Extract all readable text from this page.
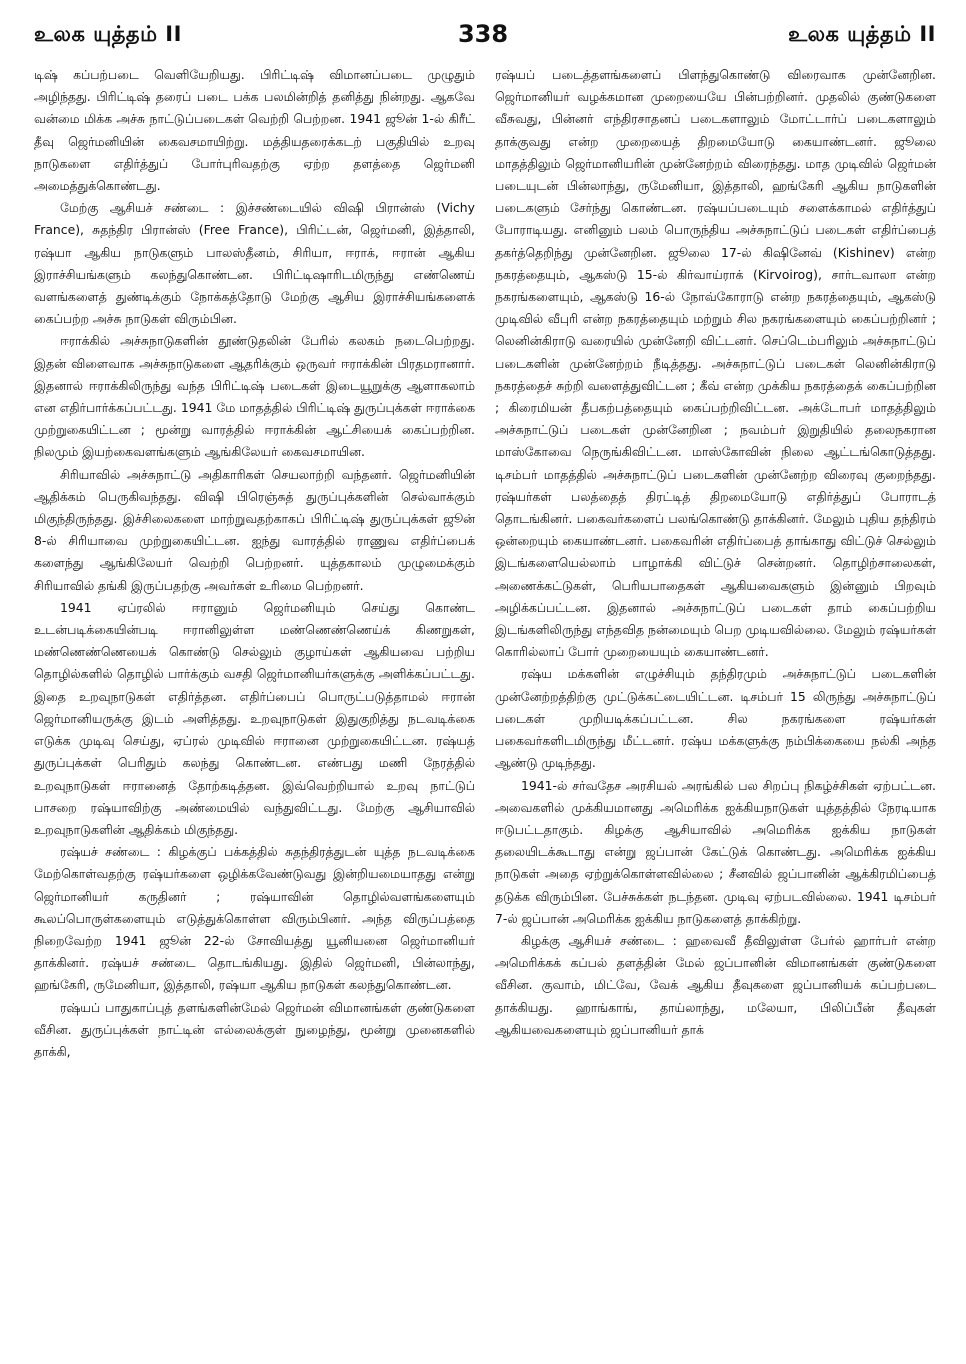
உலக யுத்தம் II	338	உலக யுத்தம் II

டிஷ் கப்பற்படை வெளியேறியது. பிரிட்டிஷ் விமானப்படை முழுதும் அழிந்தது. பிரிட்டிஷ் தரைப் படை பக்க பலமின்றித் தனித்து நின்றது. ஆகவே வன்மை மிக்க அச்சு நாட்டுப்படைகள் வெற்றி பெற்றன. 1941 ஜூன் 1-ல் கிரீட் தீவு ஜெர்மனியின் கைவசமாயிற்று. மத்தியதரைக்கடற் பகுதியில் உறவு நாடுகளை எதிர்த்துப் போர்புரிவதற்கு ஏற்ற தளத்தை ஜெர்மனி அமைத்துக்கொண்டது.

மேற்கு ஆசியச் சண்டை : இச்சண்டையில் விஷி பிரான்ஸ் (Vichy France), சுதந்திர பிரான்ஸ் (Free France), பிரிட்டன், ஜெர்மனி, இத்தாலி, ரஷ்யா ஆகிய நாடுகளும் பாலஸ்தீனம், சிரியா, ஈராக், ஈரான் ஆகிய இராச்சியங்களும் கலந்துகொண்டன. பிரிட்டிஷாரிடமிருந்து எண்ணெய் வளங்களைத் துண்டிக்கும் நோக்கத்தோடு மேற்கு ஆசிய இராச்சியங்களைக் கைப்பற்ற அச்சு நாடுகள் விரும்பின.

ஈராக்கில் அச்சுநாடுகளின் தூண்டுதலின் பேரில் கலகம் நடைபெற்றது. இதன் விளைவாக அச்சுநாடுகளை ஆதரிக்கும் ஒருவர் ஈராக்கின் பிரதமரானார். இதனால் ஈராக்கிலிருந்து வந்த பிரிட்டிஷ் படைகள் இடையூறுக்கு ஆளாகலாம் என எதிர்பார்க்கப்பட்டது. 1941 மே மாதத்தில் பிரிட்டிஷ் துருப்புக்கள் ஈராக்கை முற்றுகையிட்டன ; மூன்று வாரத்தில் ஈராக்கின் ஆட்சியைக் கைப்பற்றின. நிலமும் இயற்கைவளங்களும் ஆங்கிலேயர் கைவசமாயின.

சிரியாவில் அச்சுநாட்டு அதிகாரிகள் செயலாற்றி வந்தனர். ஜெர்மனியின் ஆதிக்கம் பெருகிவந்தது. விஷி பிரெஞ்சுத் துருப்புக்களின் செல்வாக்கும் மிகுந்திருந்தது. இச்சிலைகளை மாற்றுவதற்காகப் பிரிட்டிஷ் துருப்புக்கள் ஜூன் 8-ல் சிரியாவை முற்றுகையிட்டன. ஐந்து வாரத்தில் ராணுவ எதிர்ப்பைக் களைந்து ஆங்கிலேயர் வெற்றி பெற்றனர். யுத்தகாலம் முழுமைக்கும் சிரியாவில் தங்கி இருப்பதற்கு அவர்கள் உரிமை பெற்றனர்.

1941 ஏப்ரலில் ஈரானும் ஜெர்மனியும் செய்து கொண்ட உடன்படிக்கையின்படி ஈரானிலுள்ள மண்ணெண்ணெய்க் கிணறுகள், மண்ணெண்ணெயைக் கொண்டு செல்லும் குழாய்கள் ஆகியவை பற்றிய தொழில்களில் தொழில் பார்க்கும் வசதி ஜெர்மானியர்களுக்கு அளிக்கப்பட்டது. இதை உறவுநாடுகள் எதிர்த்தன. எதிர்ப்பைப் பொருட்படுத்தாமல் ஈரான் ஜெர்மானியருக்கு இடம் அளித்தது. உறவுநாடுகள் இதுகுறித்து நடவடிக்கை எடுக்க முடிவு செய்து, ஏப்ரல் முடிவில் ஈரானை முற்றுகையிட்டன. ரஷ்யத் துருப்புக்கள் பெரிதும் கலந்து கொண்டன. எண்பது மணி நேரத்தில் உறவுநாடுகள் ஈரானைத் தோற்கடித்தன. இவ்வெற்றியால் உறவு நாட்டுப் பாசறை ரஷ்யாவிற்கு அண்மையில் வந்துவிட்டது. மேற்கு ஆசியாவில் உறவுநாடுகளின் ஆதிக்கம் மிகுந்தது.

ரஷ்யச் சண்டை : கிழக்குப் பக்கத்தில் சுதந்திரத்துடன் யுத்த நடவடிக்கை மேற்கொள்வதற்கு ரஷ்யர்களை ஒழிக்கவேண்டுவது இன்றியமையாதது என்று ஜெர்மானியர் கருதினர் ; ரஷ்யாவின் தொழில்வளங்களையும் கூலப்பொருள்களையும் எடுத்துக்கொள்ள விரும்பினர். அந்த விருப்பத்தை நிறைவேற்ற 1941 ஜூன் 22-ல் சோவியத்து யூனியனை ஜெர்மானியர் தாக்கினர். ரஷ்யச் சண்டை தொடங்கியது. இதில் ஜெர்மனி, பின்லாந்து, ஹங்கேரி, ருமேனியா, இத்தாலி, ரஷ்யா ஆகிய நாடுகள் கலந்துகொண்டன.

ரஷ்யப் பாதுகாப்புத் தளங்களின்மேல் ஜெர்மன் விமானங்கள் குண்டுகளை வீசின. துருப்புக்கள் நாட்டின் எல்லைக்குள் நுழைந்து, மூன்று முனைகளில் தாக்கி,

ரஷ்யப் படைத்தளங்களைப் பிளந்துகொண்டு விரைவாக முன்னேறின. ஜெர்மானியர் வழக்கமான முறையையே பின்பற்றினர். முதலில் குண்டுகளை வீசுவது, பின்னர் எந்திரசாதனப் படைகளாலும் மோட்டார்ப் படைகளாலும் தாக்குவது என்ற முறையைத் திறமையோடு கையாண்டனர். ஜூலை மாதத்திலும் ஜெர்மானியரின் முன்னேற்றம் விரைந்தது. மாத முடிவில் ஜெர்மன் படையுடன் பின்லாந்து, ருமேனியா, இத்தாலி, ஹங்கேரி ஆகிய நாடுகளின் படைகளும் சேர்ந்து கொண்டன. ரஷ்யப்படையும் சளைக்காமல் எதிர்த்துப் போராடியது. எனினும் பலம் பொருந்திய அச்சுநாட்டுப் படைகள் எதிர்ப்பைத் தகர்த்தெறிந்து முன்னேறின. ஜூலை 17-ல் கிஷினேவ் (Kishinev) என்ற நகரத்தையும், ஆகஸ்டு 15-ல் கிர்வாய்ராக் (Kirvoirog), சார்டவாலா என்ற நகரங்களையும், ஆகஸ்டு 16-ல் நோவ்கோராடு என்ற நகரத்தையும், ஆகஸ்டு முடிவில் வீபுரி என்ற நகரத்தையும் மற்றும் சில நகரங்களையும் கைப்பற்றினர் ; லெனின்கிராடு வரையில் முன்னேறி விட்டனர். செப்டெம்பரிலும் அச்சுநாட்டுப் படைகளின் முன்னேற்றம் நீடித்தது. அச்சுநாட்டுப் படைகள் லெனின்கிராடு நகரத்தைச் சுற்றி வளைத்துவிட்டன ; கீவ் என்ற முக்கிய நகரத்தைக் கைப்பற்றின ; கிரைமியன் தீபகற்பத்தையும் கைப்பற்றிவிட்டன. அக்டோபர் மாதத்திலும் அச்சுநாட்டுப் படைகள் முன்னேறின ; நவம்பர் இறுதியில் தலைநகரான மாஸ்கோவை நெருங்கிவிட்டன. மாஸ்கோவின் நிலை ஆட்டங்கொடுத்தது. டிசம்பர் மாதத்தில் அச்சுநாட்டுப் படைகளின் முன்னேற்ற விரைவு குறைந்தது. ரஷ்யர்கள் பலத்தைத் திரட்டித் திறமையோடு எதிர்த்துப் போராடத் தொடங்கினர். பகைவர்களைப் பலங்கொண்டு தாக்கினர். மேலும் புதிய தந்திரம் ஒன்றையும் கையாண்டனர். பகைவரின் எதிர்ப்பைத் தாங்காது விட்டுச் செல்லும் இடங்களையெல்லாம் பாழாக்கி விட்டுச் சென்றனர். தொழிற்சாலைகள், அணைக்கட்டுகள், பெரியபாதைகள் ஆகியவைகளும் இன்னும் பிறவும் அழிக்கப்பட்டன. இதனால் அச்சுநாட்டுப் படைகள் தாம் கைப்பற்றிய இடங்களிலிருந்து எந்தவித நன்மையும் பெற முடியவில்லை. மேலும் ரஷ்யர்கள் கொரில்லாப் போர் முறையையும் கையாண்டனர்.

ரஷ்ய மக்களின் எழுச்சியும் தந்திரமும் அச்சுநாட்டுப் படைகளின் முன்னேற்றத்திற்கு முட்டுக்கட்டையிட்டன. டிசம்பர் 15 லிருந்து அச்சுநாட்டுப் படைகள் முறியடிக்கப்பட்டன. சில நகரங்களை ரஷ்யர்கள் பகைவர்களிடமிருந்து மீட்டனர். ரஷ்ய மக்களுக்கு நம்பிக்கையை நல்கி அந்த ஆண்டு முடிந்தது.

1941-ல் சர்வதேச அரசியல் அரங்கில் பல சிறப்பு நிகழ்ச்சிகள் ஏற்பட்டன. அவைகளில் முக்கியமானது அமெரிக்க ஐக்கியநாடுகள் யுத்தத்தில் நேரடியாக ஈடுபட்டதாகும். கிழக்கு ஆசியாவில் அமெரிக்க ஐக்கிய நாடுகள் தலையிடக்கூடாது என்று ஜப்பான் கேட்டுக் கொண்டது. அமெரிக்க ஐக்கிய நாடுகள் அதை ஏற்றுக்கொள்ளவில்லை ; சீனவில் ஜப்பானின் ஆக்கிரமிப்பைத் தடுக்க விரும்பின. பேச்சுக்கள் நடந்தன. முடிவு ஏற்படவில்லை. 1941 டிசம்பர் 7-ல் ஜப்பான் அமெரிக்க ஐக்கிய நாடுகளைத் தாக்கிற்று.

கிழக்கு ஆசியச் சண்டை : ஹவைவீ தீவிலுள்ள பேர்ல் ஹார்பர் என்ற அமெரிக்கக் கப்பல் தளத்தின் மேல் ஜப்பானின் விமானங்கள் குண்டுகளை வீசின. குவாம், மிட்வே, வேக் ஆகிய தீவுகளை ஜப்பானியக் கப்பற்படை தாக்கியது. ஹாங்காங், தாய்லாந்து, மலேயா, பிலிப்பீன் தீவுகள் ஆகியவைகளையும் ஜப்பானியர் தாக்
